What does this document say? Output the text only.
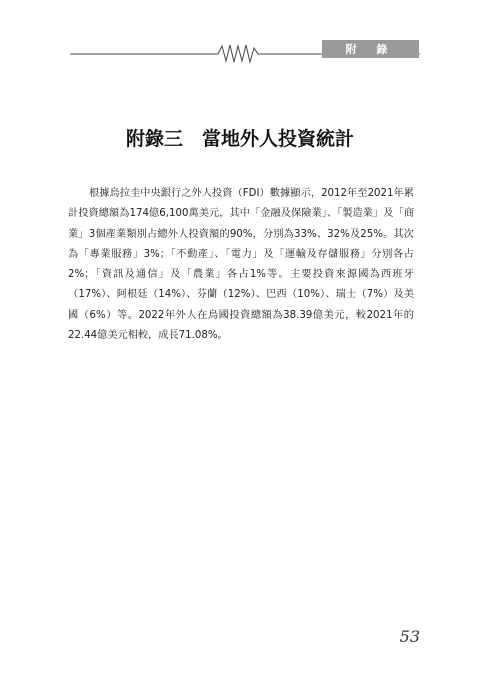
附 錄
附錄三　當地外人投資統計
根據烏拉圭中央銀行之外人投資（FDI）數據顯示，2012年至2021年累計投資總額為174億6,100萬美元，其中「金融及保險業」、「製造業」及「商業」3個產業類別占總外人投資額的90%，分別為33%、32%及25%。其次為「專業服務」3%；「不動產」、「電力」及「運輸及存儲服務」分別各占2%；「資訊及通信」及「農業」各占1%等。主要投資來源國為西班牙（17%）、阿根廷（14%）、芬蘭（12%）、巴西（10%）、瑞士（7%）及美國（6%）等。2022年外人在烏國投資總額為38.39億美元，較2021年的22.44億美元相較，成長71.08%。
53
